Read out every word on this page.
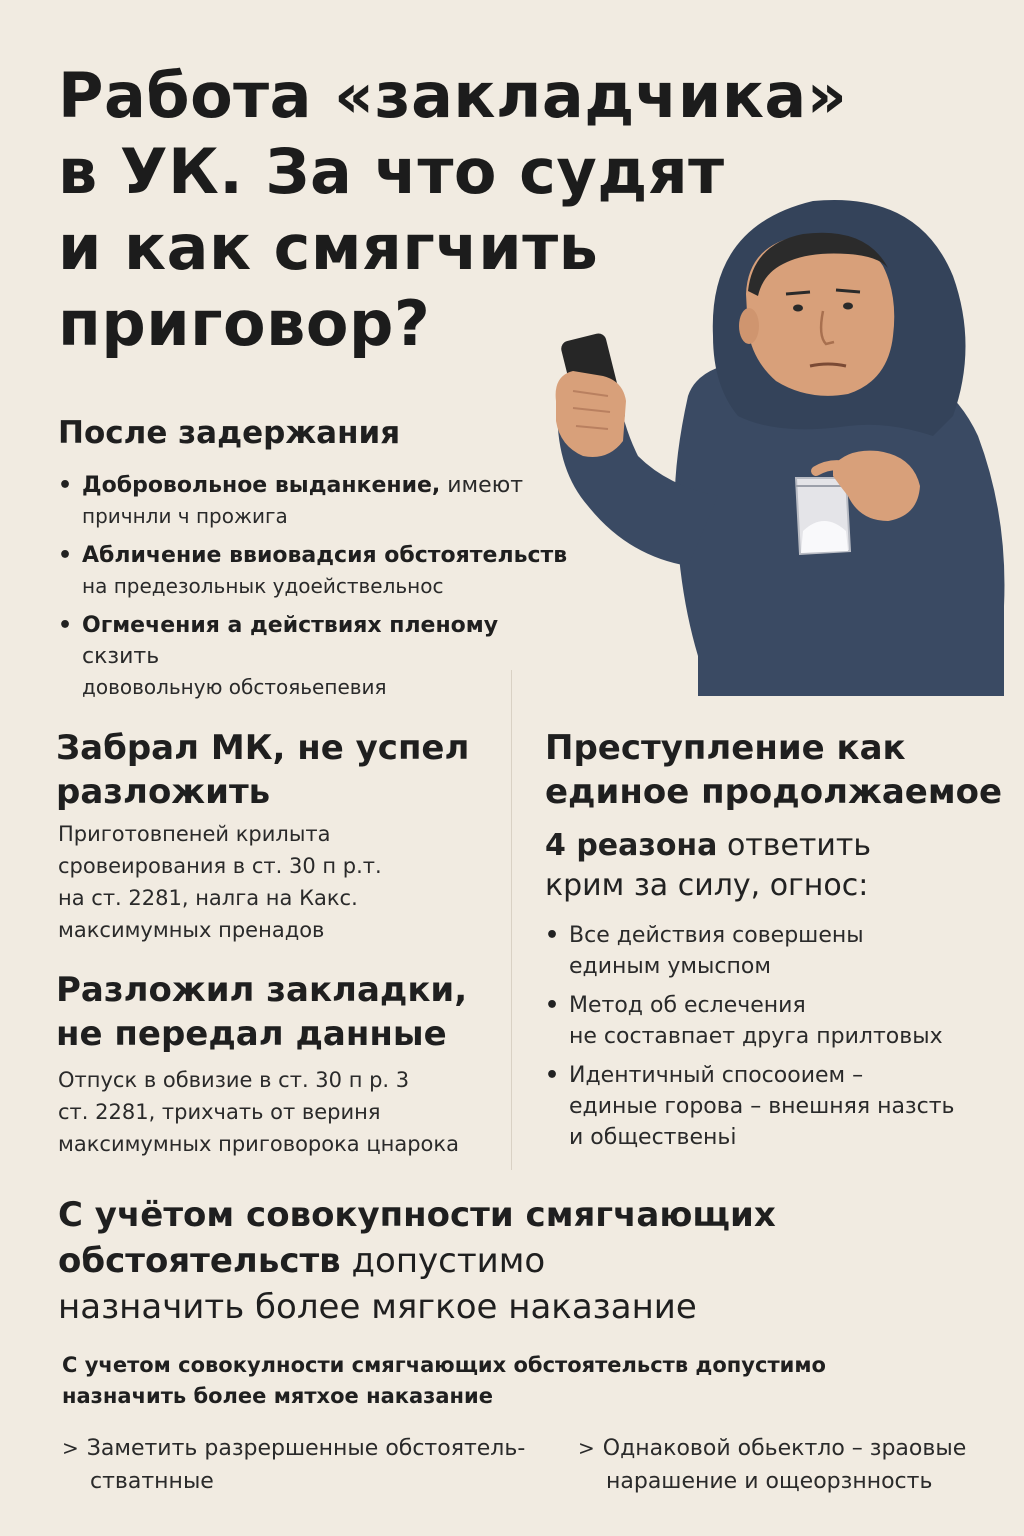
Работа «закладчика»
в УК. За что судят
и как смягчить
приговор?
После задержания
• Добровольное выданкение, имеют
причнли ч прожига
• Абличение ввиовадсия обстоятельств
на предезольнык удоействельнос
• Огмечения а действиях пленому скзить
дововольную обстояьепевия
Забрал МК, не успел
разложить
Приготовпеней крилыта
сровеирования в ст. 30 п р.т.
на ст. 2281, налга на Какс.
максимумных пренадов
Разложил закладки,
не передал данные
Отпуск в обвизие в ст. 30 п р. 3
ст. 2281, трихчать от вериня
максимумных приговорока цнарока
Преступление как
единое продолжаемое
4 реазона ответить
крим за силу, огнос:
• Все действия совершены
единым умыспом
• Метод об еслечения
не составпает друга прилтовых
• Идентичный спосооием –
единые горова – внешняя назсть
и общественьі
С учётом совокупности смягчающих
обстоятельств допустимо
назначить более мягкое наказание
С учетом совокулности смягчающих обстоятельств допустимо
назначить более мятхое наказание
> Заметить разрершенные обстоятель-
стватнные
> Однаковой обьектло – зраовые
нарашение и ощеорзнность
